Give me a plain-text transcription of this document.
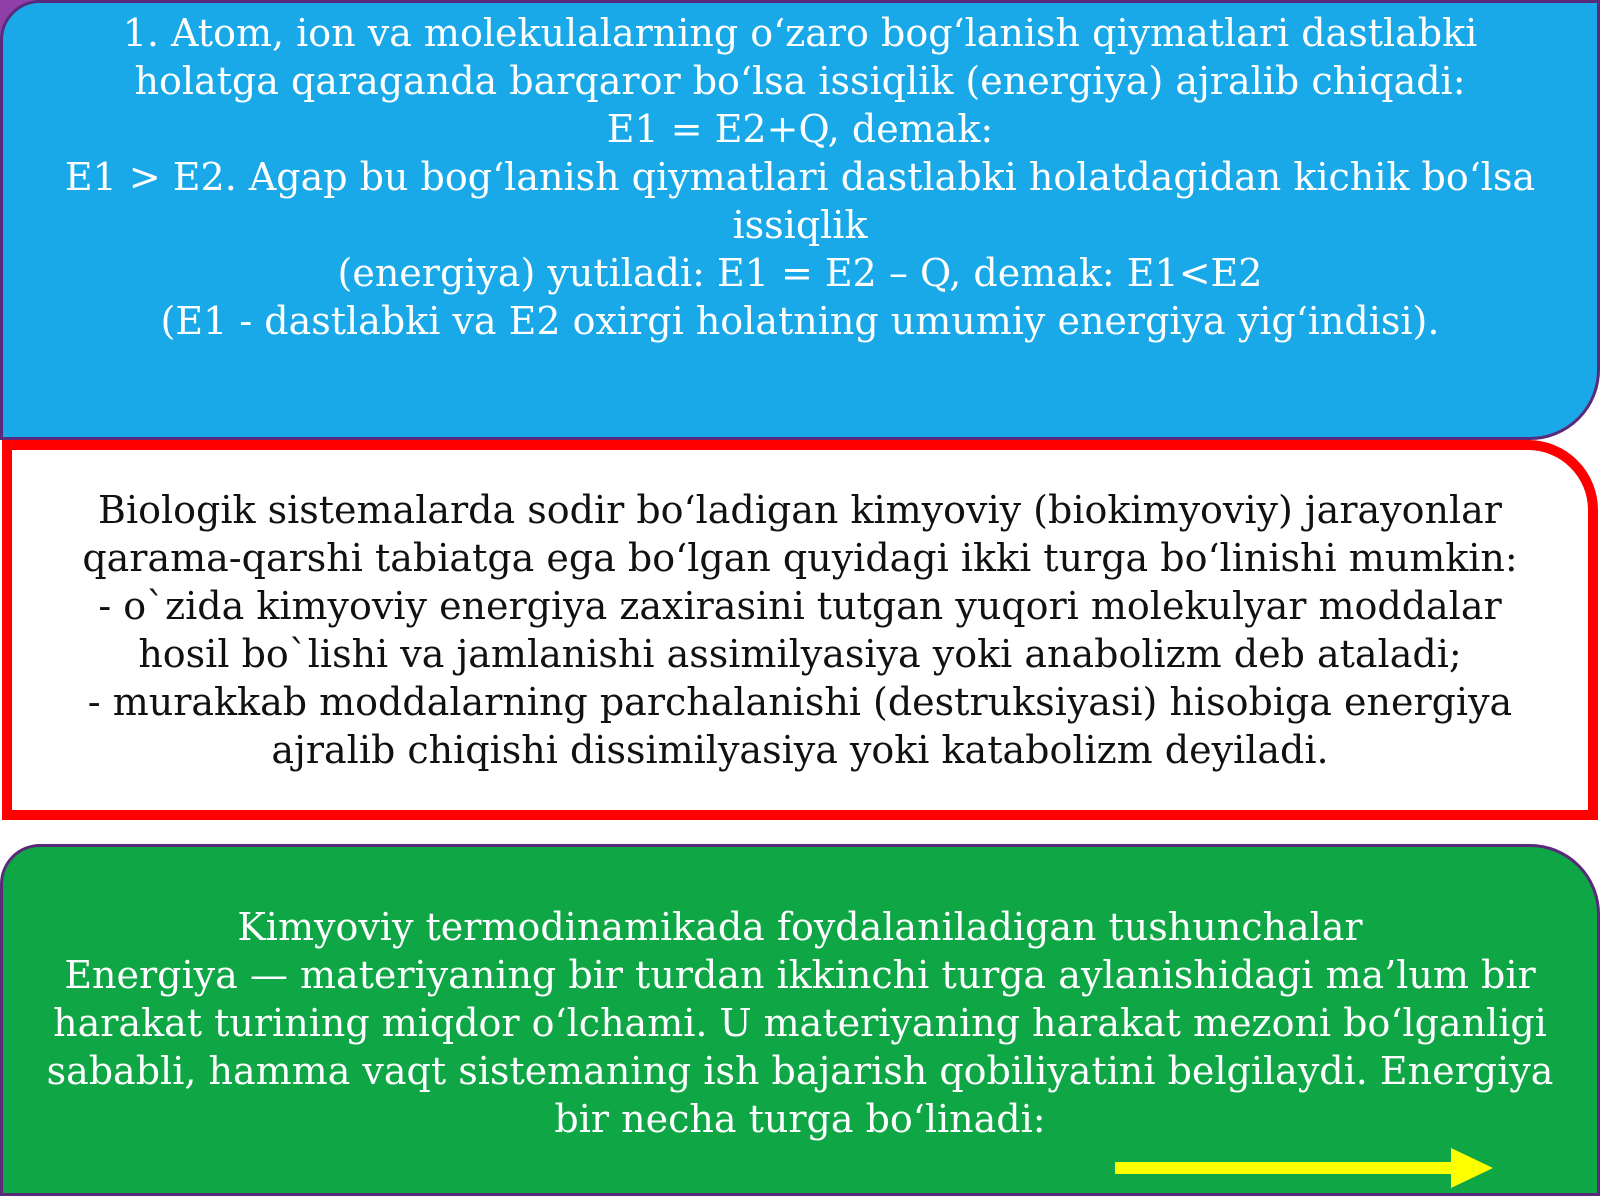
1. Atom, ion va molekulalarning o‘zaro bog‘lanish qiymatlari dastlabki
holatga qaraganda barqaror bo‘lsa issiqlik (energiya) ajralib chiqadi:
E1 = E2+Q, demak:
E1 > E2. Agap bu bog‘lanish qiymatlari dastlabki holatdagidan kichik bo‘lsa
issiqlik
(energiya) yutiladi: E1 = E2 – Q, demak: E1<E2
(E1 - dastlabki va E2 oxirgi holatning umumiy energiya yig‘indisi).
Biologik sistemalarda sodir bo‘ladigan kimyoviy (biokimyoviy) jarayonlar
qarama-qarshi tabiatga ega bo‘lgan quyidagi ikki turga bo‘linishi mumkin:
- o`zida kimyoviy energiya zaxirasini tutgan yuqori molekulyar moddalar
hosil bo`lishi va jamlanishi assimilyasiya yoki anabolizm deb ataladi;
- murakkab moddalarning parchalanishi (destruksiyasi) hisobiga energiya
ajralib chiqishi dissimilyasiya yoki katabolizm deyiladi.
Kimyoviy termodinamikada foydalaniladigan tushunchalar
Energiya — materiyaning bir turdan ikkinchi turga aylanishidagi ma’lum bir
harakat turining miqdor o‘lchami. U materiyaning harakat mezoni bo‘lganligi
sababli, hamma vaqt sistemaning ish bajarish qobiliyatini belgilaydi. Energiya
bir necha turga bo‘linadi:
